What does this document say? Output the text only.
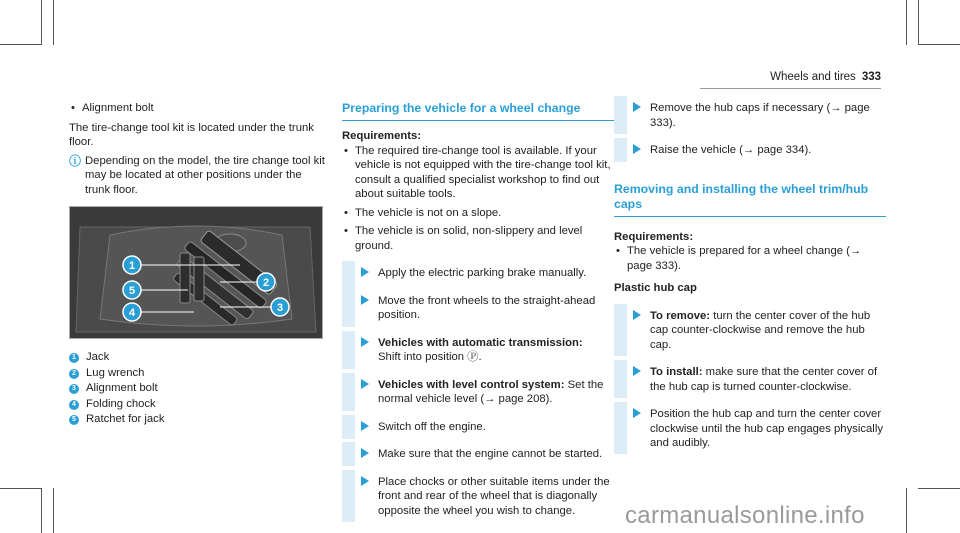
Wheels and tires 333

• Alignment bolt

The tire-change tool kit is located under the trunk floor.

ⓘ Depending on the model, the tire change tool kit may be located at other positions under the trunk floor.

1
5
4
2
3
1 Jack
2 Lug wrench
3 Alignment bolt
4 Folding chock
5 Ratchet for jack
Preparing the vehicle for a wheel change

Requirements:

• The required tire-change tool is available. If your vehicle is not equipped with the tire-change tool kit, consult a qualified specialist workshop to find out about suitable tools.

• The vehicle is not on a slope.

• The vehicle is on solid, non-slippery and level ground.

Apply the electric parking brake manually.

Move the front wheels to the straight-ahead position.

Vehicles with automatic transmission:
Shift into position Ⓟ.

Vehicles with level control system: Set the normal vehicle level (→ page 208).

Switch off the engine.

Make sure that the engine cannot be started.

Place chocks or other suitable items under the front and rear of the wheel that is diagonally opposite the wheel you wish to change.

Remove the hub caps if necessary (→ page 333).

Raise the vehicle (→ page 334).

Removing and installing the wheel trim/hub caps

Requirements:

• The vehicle is prepared for a wheel change (→ page 333).

Plastic hub cap

To remove: turn the center cover of the hub cap counter-clockwise and remove the hub cap.

To install: make sure that the center cover of the hub cap is turned counter-clockwise.

Position the hub cap and turn the center cover clockwise until the hub cap engages physically and audibly.

carmanualsonline.info
